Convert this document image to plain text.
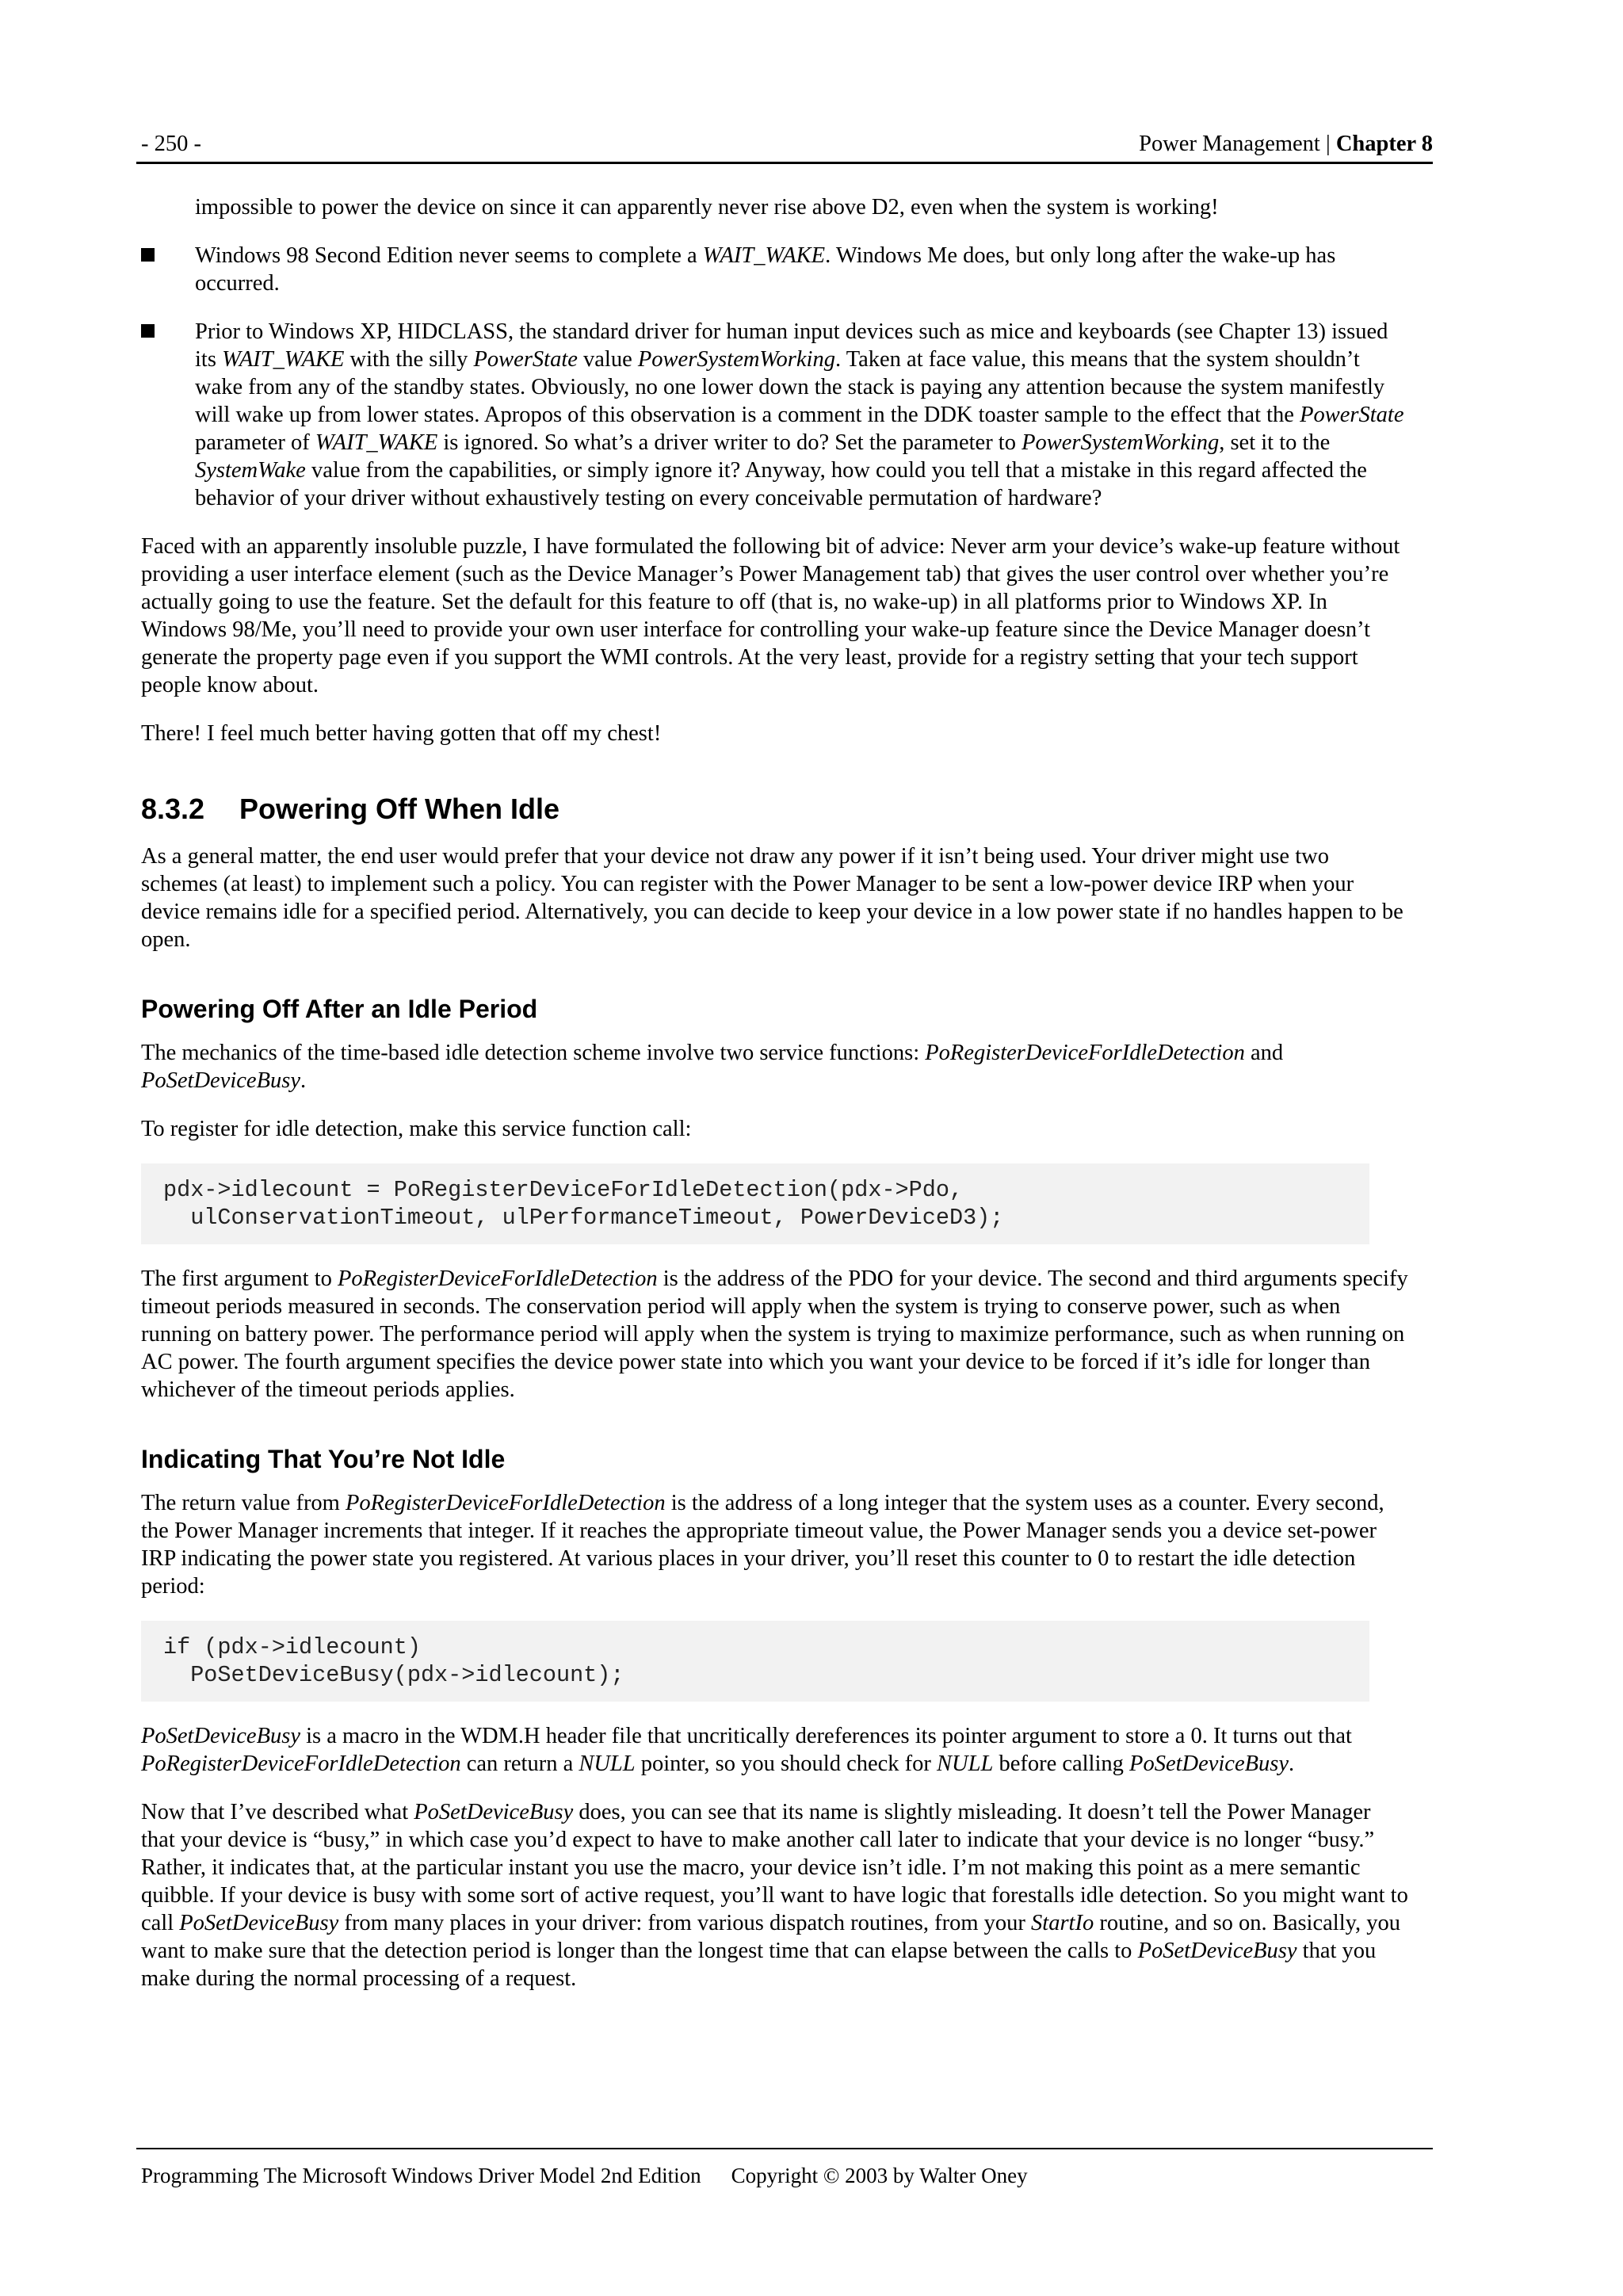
- 250 -	Power Management | Chapter 8

impossible to power the device on since it can apparently never rise above D2, even when the system is working!

Windows 98 Second Edition never seems to complete a WAIT_WAKE. Windows Me does, but only long after the wake-up has occurred.
Prior to Windows XP, HIDCLASS, the standard driver for human input devices such as mice and keyboards (see Chapter 13) issued its WAIT_WAKE with the silly PowerState value PowerSystemWorking. Taken at face value, this means that the system shouldn’t wake from any of the standby states. Obviously, no one lower down the stack is paying any attention because the system manifestly will wake up from lower states. Apropos of this observation is a comment in the DDK toaster sample to the effect that the PowerState parameter of WAIT_WAKE is ignored. So what’s a driver writer to do? Set the parameter to PowerSystemWorking, set it to the SystemWake value from the capabilities, or simply ignore it? Anyway, how could you tell that a mistake in this regard affected the behavior of your driver without exhaustively testing on every conceivable permutation of hardware?

Faced with an apparently insoluble puzzle, I have formulated the following bit of advice: Never arm your device’s wake-up feature without providing a user interface element (such as the Device Manager’s Power Management tab) that gives the user control over whether you’re actually going to use the feature. Set the default for this feature to off (that is, no wake-up) in all platforms prior to Windows XP. In Windows 98/Me, you’ll need to provide your own user interface for controlling your wake-up feature since the Device Manager doesn’t generate the property page even if you support the WMI controls. At the very least, provide for a registry setting that your tech support people know about.

There! I feel much better having gotten that off my chest!

8.3.2 Powering Off When Idle

As a general matter, the end user would prefer that your device not draw any power if it isn’t being used. Your driver might use two schemes (at least) to implement such a policy. You can register with the Power Manager to be sent a low-power device IRP when your device remains idle for a specified period. Alternatively, you can decide to keep your device in a low power state if no handles happen to be open.

Powering Off After an Idle Period

The mechanics of the time-based idle detection scheme involve two service functions: PoRegisterDeviceForIdleDetection and PoSetDeviceBusy.

To register for idle detection, make this service function call:

pdx->idlecount = PoRegisterDeviceForIdleDetection(pdx->Pdo,
ulConservationTimeout, ulPerformanceTimeout, PowerDeviceD3);

The first argument to PoRegisterDeviceForIdleDetection is the address of the PDO for your device. The second and third arguments specify timeout periods measured in seconds. The conservation period will apply when the system is trying to conserve power, such as when running on battery power. The performance period will apply when the system is trying to maximize performance, such as when running on AC power. The fourth argument specifies the device power state into which you want your device to be forced if it’s idle for longer than whichever of the timeout periods applies.

Indicating That You’re Not Idle

The return value from PoRegisterDeviceForIdleDetection is the address of a long integer that the system uses as a counter. Every second, the Power Manager increments that integer. If it reaches the appropriate timeout value, the Power Manager sends you a device set-power IRP indicating the power state you registered. At various places in your driver, you’ll reset this counter to 0 to restart the idle detection period:

if (pdx->idlecount)
PoSetDeviceBusy(pdx->idlecount);

PoSetDeviceBusy is a macro in the WDM.H header file that uncritically dereferences its pointer argument to store a 0. It turns out that PoRegisterDeviceForIdleDetection can return a NULL pointer, so you should check for NULL before calling PoSetDeviceBusy.

Now that I’ve described what PoSetDeviceBusy does, you can see that its name is slightly misleading. It doesn’t tell the Power Manager that your device is “busy,” in which case you’d expect to have to make another call later to indicate that your device is no longer “busy.” Rather, it indicates that, at the particular instant you use the macro, your device isn’t idle. I’m not making this point as a mere semantic quibble. If your device is busy with some sort of active request, you’ll want to have logic that forestalls idle detection. So you might want to call PoSetDeviceBusy from many places in your driver: from various dispatch routines, from your StartIo routine, and so on. Basically, you want to make sure that the detection period is longer than the longest time that can elapse between the calls to PoSetDeviceBusy that you make during the normal processing of a request.

Programming The Microsoft Windows Driver Model 2nd Edition Copyright © 2003 by Walter Oney
